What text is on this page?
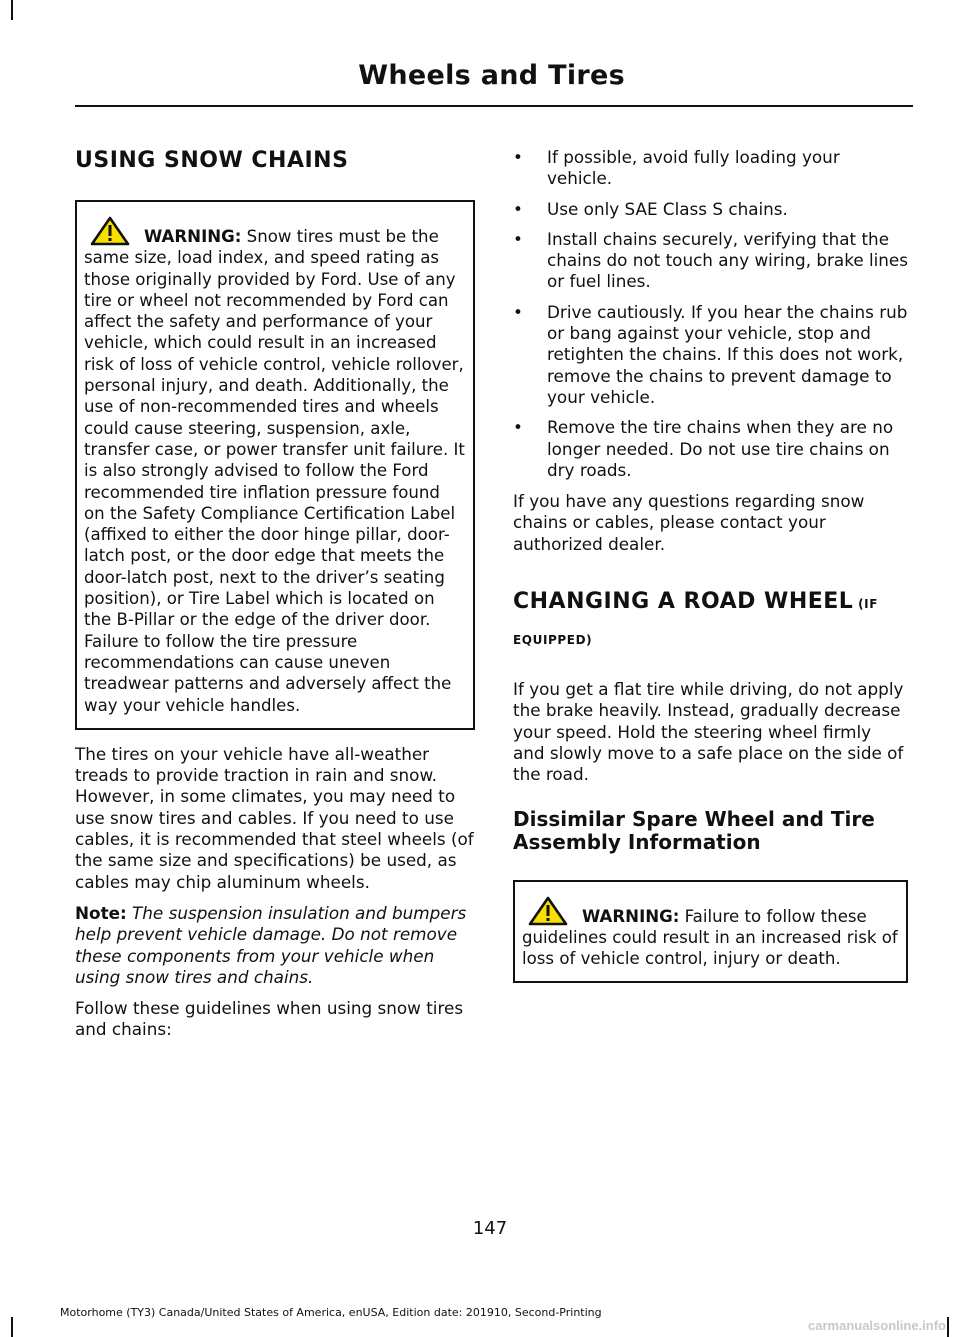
Wheels and Tires
USING SNOW CHAINS
WARNING: Snow tires must be the same size, load index, and speed rating as those originally provided by Ford. Use of any tire or wheel not recommended by Ford can affect the safety and performance of your vehicle, which could result in an increased risk of loss of vehicle control, vehicle rollover, personal injury, and death. Additionally, the use of non-recommended tires and wheels could cause steering, suspension, axle, transfer case, or power transfer unit failure. It is also strongly advised to follow the Ford recommended tire inflation pressure found on the Safety Compliance Certification Label (affixed to either the door hinge pillar, door-latch post, or the door edge that meets the door-latch post, next to the driver’s seating position), or Tire Label which is located on the B-Pillar or the edge of the driver door. Failure to follow the tire pressure recommendations can cause uneven treadwear patterns and adversely affect the way your vehicle handles.

The tires on your vehicle have all-weather treads to provide traction in rain and snow. However, in some climates, you may need to use snow tires and cables. If you need to use cables, it is recommended that steel wheels (of the same size and specifications) be used, as cables may chip aluminum wheels.

Note: The suspension insulation and bumpers help prevent vehicle damage. Do not remove these components from your vehicle when using snow tires and chains.

Follow these guidelines when using snow tires and chains:

•	If possible, avoid fully loading your vehicle.
•	Use only SAE Class S chains.
•	Install chains securely, verifying that the chains do not touch any wiring, brake lines or fuel lines.
•	Drive cautiously. If you hear the chains rub or bang against your vehicle, stop and retighten the chains. If this does not work, remove the chains to prevent damage to your vehicle.
•	Remove the tire chains when they are no longer needed. Do not use tire chains on dry roads.

If you have any questions regarding snow chains or cables, please contact your authorized dealer.

CHANGING A ROAD WHEEL (IF EQUIPPED)

If you get a flat tire while driving, do not apply the brake heavily. Instead, gradually decrease your speed. Hold the steering wheel firmly and slowly move to a safe place on the side of the road.

Dissimilar Spare Wheel and Tire Assembly Information
WARNING: Failure to follow these guidelines could result in an increased risk of loss of vehicle control, injury or death.
147
Motorhome (TY3) Canada/United States of America, enUSA, Edition date: 201910, Second-Printing
carmanualsonline.info
